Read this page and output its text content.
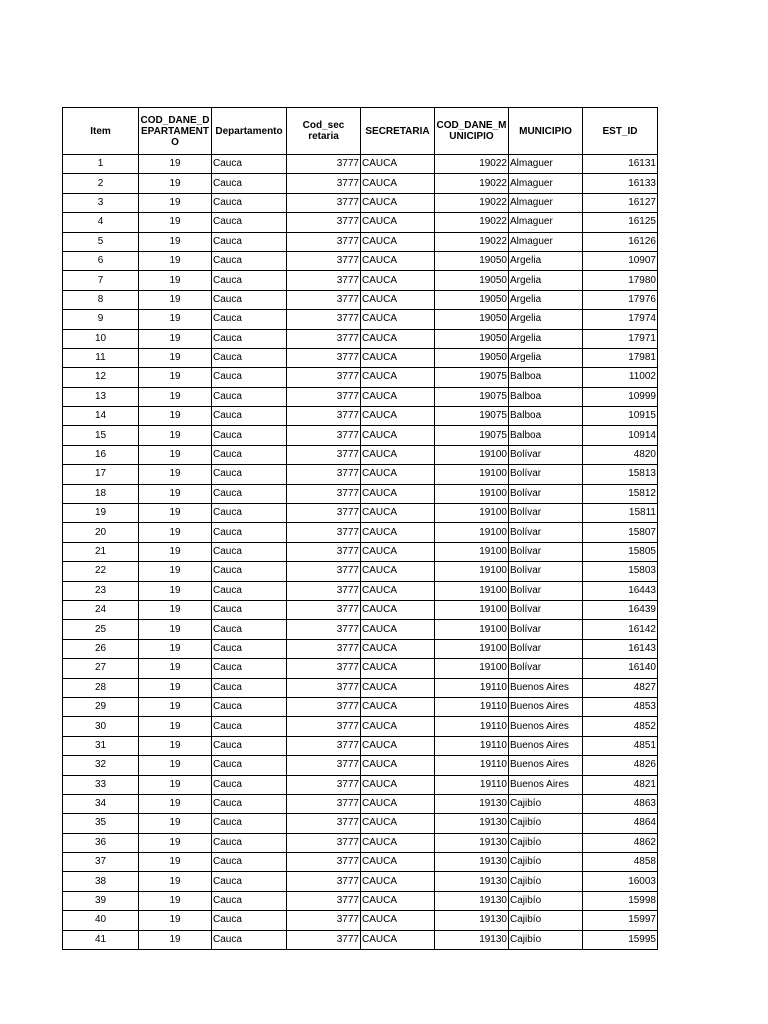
Item	COD_DANE_DEPARTAMENTO	Departamento	Cod_secretaria	SECRETARIA	COD_DANE_MUNICIPIO	MUNICIPIO	EST_ID
1	19	Cauca	3777	CAUCA	19022	Almaguer	16131
2	19	Cauca	3777	CAUCA	19022	Almaguer	16133
3	19	Cauca	3777	CAUCA	19022	Almaguer	16127
4	19	Cauca	3777	CAUCA	19022	Almaguer	16125
5	19	Cauca	3777	CAUCA	19022	Almaguer	16126
6	19	Cauca	3777	CAUCA	19050	Argelia	10907
7	19	Cauca	3777	CAUCA	19050	Argelia	17980
8	19	Cauca	3777	CAUCA	19050	Argelia	17976
9	19	Cauca	3777	CAUCA	19050	Argelia	17974
10	19	Cauca	3777	CAUCA	19050	Argelia	17971
11	19	Cauca	3777	CAUCA	19050	Argelia	17981
12	19	Cauca	3777	CAUCA	19075	Balboa	11002
13	19	Cauca	3777	CAUCA	19075	Balboa	10999
14	19	Cauca	3777	CAUCA	19075	Balboa	10915
15	19	Cauca	3777	CAUCA	19075	Balboa	10914
16	19	Cauca	3777	CAUCA	19100	Bolívar	4820
17	19	Cauca	3777	CAUCA	19100	Bolívar	15813
18	19	Cauca	3777	CAUCA	19100	Bolívar	15812
19	19	Cauca	3777	CAUCA	19100	Bolívar	15811
20	19	Cauca	3777	CAUCA	19100	Bolívar	15807
21	19	Cauca	3777	CAUCA	19100	Bolívar	15805
22	19	Cauca	3777	CAUCA	19100	Bolívar	15803
23	19	Cauca	3777	CAUCA	19100	Bolívar	16443
24	19	Cauca	3777	CAUCA	19100	Bolívar	16439
25	19	Cauca	3777	CAUCA	19100	Bolívar	16142
26	19	Cauca	3777	CAUCA	19100	Bolívar	16143
27	19	Cauca	3777	CAUCA	19100	Bolívar	16140
28	19	Cauca	3777	CAUCA	19110	Buenos Aires	4827
29	19	Cauca	3777	CAUCA	19110	Buenos Aires	4853
30	19	Cauca	3777	CAUCA	19110	Buenos Aires	4852
31	19	Cauca	3777	CAUCA	19110	Buenos Aires	4851
32	19	Cauca	3777	CAUCA	19110	Buenos Aires	4826
33	19	Cauca	3777	CAUCA	19110	Buenos Aires	4821
34	19	Cauca	3777	CAUCA	19130	Cajibío	4863
35	19	Cauca	3777	CAUCA	19130	Cajibío	4864
36	19	Cauca	3777	CAUCA	19130	Cajibío	4862
37	19	Cauca	3777	CAUCA	19130	Cajibío	4858
38	19	Cauca	3777	CAUCA	19130	Cajibío	16003
39	19	Cauca	3777	CAUCA	19130	Cajibío	15998
40	19	Cauca	3777	CAUCA	19130	Cajibío	15997
41	19	Cauca	3777	CAUCA	19130	Cajibío	15995
